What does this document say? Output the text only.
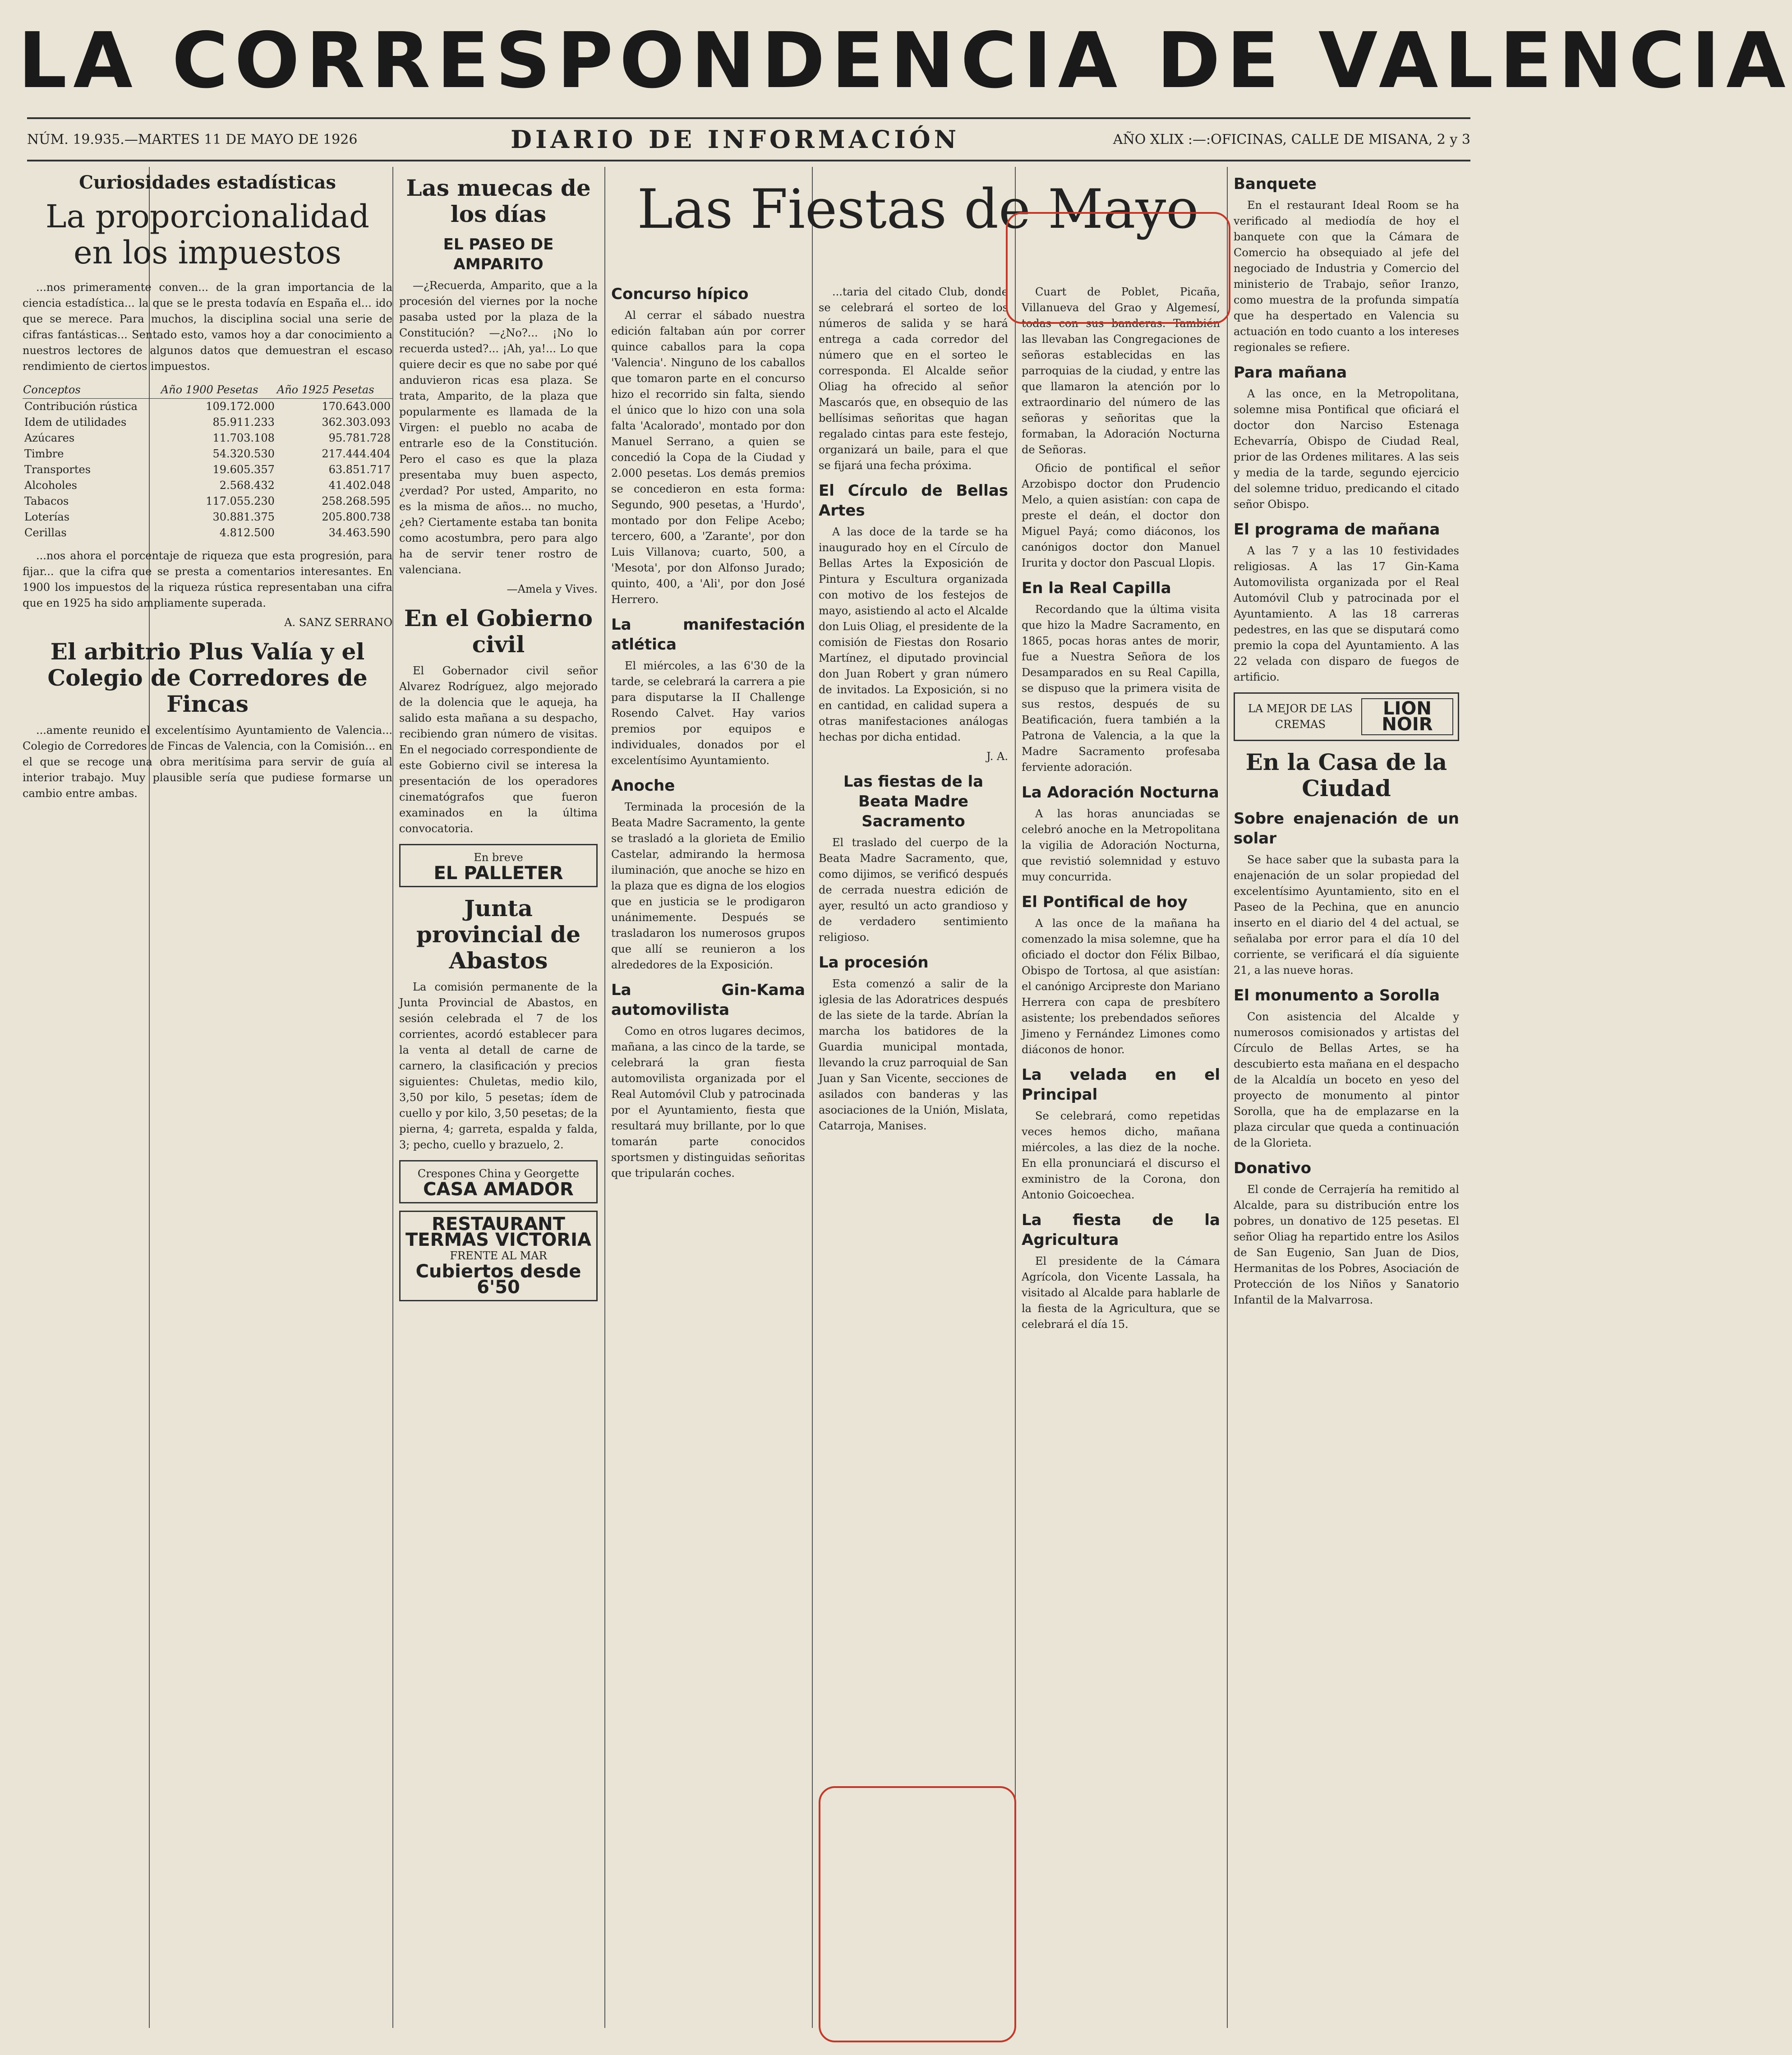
LA CORRESPONDENCIA DE VALENCIA
NÚM. 19.935.—MARTES 11 DE MAYO DE 1926	DIARIO DE INFORMACIÓN	AÑO XLIX :—:OFICINAS, CALLE DE MISANA, 2 y 3
Curiosidades estadísticas
La proporcionalidad en los impuestos

...nos primeramente conven... de la gran importancia de la ciencia estadística... la que se le presta todavía en España el... ido que se merece. Para muchos, la disciplina social una serie de cifras fantásticas... Sentado esto, vamos hoy a dar conocimiento a nuestros lectores de algunos datos que demuestran el escaso rendimiento de ciertos impuestos.

Conceptos	Año 1900 Pesetas	Año 1925 Pesetas
Contribución rústica	109.172.000	170.643.000
Idem de utilidades	85.911.233	362.303.093
Azúcares	11.703.108	95.781.728
Timbre	54.320.530	217.444.404
Transportes	19.605.357	63.851.717
Alcoholes	2.568.432	41.402.048
Tabacos	117.055.230	258.268.595
Loterías	30.881.375	205.800.738
Cerillas	4.812.500	34.463.590

...nos ahora el porcentaje de riqueza que esta progresión, para fijar... que la cifra que se presta a comentarios interesantes. En 1900 los impuestos de la riqueza rústica representaban una cifra que en 1925 ha sido ampliamente superada.

A. SANZ SERRANO
El arbitrio Plus Valía y el Colegio de Corredores de Fincas

...amente reunido el excelentísimo Ayuntamiento de Valencia... Colegio de Corredores de Fincas de Valencia, con la Comisión... en el que se recoge una obra meritísima para servir de guía al interior trabajo. Muy plausible sería que pudiese formarse un cambio entre ambas.

Las muecas de los días
EL PASEO DE AMPARITO

—¿Recuerda, Amparito, que a la procesión del viernes por la noche pasaba usted por la plaza de la Constitución? —¿No?... ¡No lo recuerda usted?... ¡Ah, ya!... Lo que quiere decir es que no sabe por qué anduvieron ricas esa plaza. Se trata, Amparito, de la plaza que popularmente es llamada de la Virgen: el pueblo no acaba de entrarle eso de la Constitución. Pero el caso es que la plaza presentaba muy buen aspecto, ¿verdad? Por usted, Amparito, no es la misma de años... no mucho, ¿eh? Ciertamente estaba tan bonita como acostumbra, pero para algo ha de servir tener rostro de valenciana.

—Amela y Vives.
En el Gobierno civil

El Gobernador civil señor Alvarez Rodríguez, algo mejorado de la dolencia que le aqueja, ha salido esta mañana a su despacho, recibiendo gran número de visitas. En el negociado correspondiente de este Gobierno civil se interesa la presentación de los operadores cinematógrafos que fueron examinados en la última convocatoria.

En breve
EL PALLETER
Junta provincial de Abastos

La comisión permanente de la Junta Provincial de Abastos, en sesión celebrada el 7 de los corrientes, acordó establecer para la venta al detall de carne de carnero, la clasificación y precios siguientes: Chuletas, medio kilo, 3,50 por kilo, 5 pesetas; ídem de cuello y por kilo, 3,50 pesetas; de la pierna, 4; garreta, espalda y falda, 3; pecho, cuello y brazuelo, 2.

Crespones China y Georgette
CASA AMADOR
RESTAURANT TERMAS VICTORIA
FRENTE AL MAR
Cubiertos desde 6'50
Concurso hípico

Al cerrar el sábado nuestra edición faltaban aún por correr quince caballos para la copa 'Valencia'. Ninguno de los caballos que tomaron parte en el concurso hizo el recorrido sin falta, siendo el único que lo hizo con una sola falta 'Acalorado', montado por don Manuel Serrano, a quien se concedió la Copa de la Ciudad y 2.000 pesetas. Los demás premios se concedieron en esta forma: Segundo, 900 pesetas, a 'Hurdo', montado por don Felipe Acebo; tercero, 600, a 'Zarante', por don Luis Villanova; cuarto, 500, a 'Mesota', por don Alfonso Jurado; quinto, 400, a 'Ali', por don José Herrero.

La manifestación atlética

El miércoles, a las 6'30 de la tarde, se celebrará la carrera a pie para disputarse la II Challenge Rosendo Calvet. Hay varios premios por equipos e individuales, donados por el excelentísimo Ayuntamiento.

Anoche

Terminada la procesión de la Beata Madre Sacramento, la gente se trasladó a la glorieta de Emilio Castelar, admirando la hermosa iluminación, que anoche se hizo en la plaza que es digna de los elogios que en justicia se le prodigaron unánimemente. Después se trasladaron los numerosos grupos que allí se reunieron a los alrededores de la Exposición.

La Gin-Kama automovilista

Como en otros lugares decimos, mañana, a las cinco de la tarde, se celebrará la gran fiesta automovilista organizada por el Real Automóvil Club y patrocinada por el Ayuntamiento, fiesta que resultará muy brillante, por lo que tomarán parte conocidos sportsmen y distinguidas señoritas que tripularán coches.

Las Fiestas de Mayo

...taria del citado Club, donde se celebrará el sorteo de los números de salida y se hará entrega a cada corredor del número que en el sorteo le corresponda. El Alcalde señor Oliag ha ofrecido al señor Mascarós que, en obsequio de las bellísimas señoritas que hagan regalado cintas para este festejo, organizará un baile, para el que se fijará una fecha próxima.

El Círculo de Bellas Artes

A las doce de la tarde se ha inaugurado hoy en el Círculo de Bellas Artes la Exposición de Pintura y Escultura organizada con motivo de los festejos de mayo, asistiendo al acto el Alcalde don Luis Oliag, el presidente de la comisión de Fiestas don Rosario Martínez, el diputado provincial don Juan Robert y gran número de invitados. La Exposición, si no en cantidad, en calidad supera a otras manifestaciones análogas hechas por dicha entidad.

J. A.
Las fiestas de la Beata Madre Sacramento

El traslado del cuerpo de la Beata Madre Sacramento, que, como dijimos, se verificó después de cerrada nuestra edición de ayer, resultó un acto grandioso y de verdadero sentimiento religioso.

La procesión

Esta comenzó a salir de la iglesia de las Adoratrices después de las siete de la tarde. Abrían la marcha los batidores de la Guardia municipal montada, llevando la cruz parroquial de San Juan y San Vicente, secciones de asilados con banderas y las asociaciones de la Unión, Mislata, Catarroja, Manises.

Cuart de Poblet, Picaña, Villanueva del Grao y Algemesí, todas con sus banderas. También las llevaban las Congregaciones de señoras establecidas en las parroquias de la ciudad, y entre las que llamaron la atención por lo extraordinario del número de las señoras y señoritas que la formaban, la Adoración Nocturna de Señoras.

Oficio de pontifical el señor Arzobispo doctor don Prudencio Melo, a quien asistían: con capa de preste el deán, el doctor don Miguel Payá; como diáconos, los canónigos doctor don Manuel Irurita y doctor don Pascual Llopis.

En la Real Capilla

Recordando que la última visita que hizo la Madre Sacramento, en 1865, pocas horas antes de morir, fue a Nuestra Señora de los Desamparados en su Real Capilla, se dispuso que la primera visita de sus restos, después de su Beatificación, fuera también a la Patrona de Valencia, a la que la Madre Sacramento profesaba ferviente adoración.

La Adoración Nocturna

A las horas anunciadas se celebró anoche en la Metropolitana la vigilia de Adoración Nocturna, que revistió solemnidad y estuvo muy concurrida.

El Pontifical de hoy

A las once de la mañana ha comenzado la misa solemne, que ha oficiado el doctor don Félix Bilbao, Obispo de Tortosa, al que asistían: el canónigo Arcipreste don Mariano Herrera con capa de presbítero asistente; los prebendados señores Jimeno y Fernández Limones como diáconos de honor.

La velada en el Principal

Se celebrará, como repetidas veces hemos dicho, mañana miércoles, a las diez de la noche. En ella pronunciará el discurso el exministro de la Corona, don Antonio Goicoechea.

La fiesta de la Agricultura

El presidente de la Cámara Agrícola, don Vicente Lassala, ha visitado al Alcalde para hablarle de la fiesta de la Agricultura, que se celebrará el día 15.

Banquete

En el restaurant Ideal Room se ha verificado al mediodía de hoy el banquete con que la Cámara de Comercio ha obsequiado al jefe del negociado de Industria y Comercio del ministerio de Trabajo, señor Iranzo, como muestra de la profunda simpatía que ha despertado en Valencia su actuación en todo cuanto a los intereses regionales se refiere.

Para mañana

A las once, en la Metropolitana, solemne misa Pontifical que oficiará el doctor don Narciso Estenaga Echevarría, Obispo de Ciudad Real, prior de las Ordenes militares. A las seis y media de la tarde, segundo ejercicio del solemne triduo, predicando el citado señor Obispo.

El programa de mañana

A las 7 y a las 10 festividades religiosas. A las 17 Gin-Kama Automovilista organizada por el Real Automóvil Club y patrocinada por el Ayuntamiento. A las 18 carreras pedestres, en las que se disputará como premio la copa del Ayuntamiento. A las 22 velada con disparo de fuegos de artificio.

LA MEJOR DE LAS CREMAS
LION NOIR
En la Casa de la Ciudad
Sobre enajenación de un solar

Se hace saber que la subasta para la enajenación de un solar propiedad del excelentísimo Ayuntamiento, sito en el Paseo de la Pechina, que en anuncio inserto en el diario del 4 del actual, se señalaba por error para el día 10 del corriente, se verificará el día siguiente 21, a las nueve horas.

El monumento a Sorolla

Con asistencia del Alcalde y numerosos comisionados y artistas del Círculo de Bellas Artes, se ha descubierto esta mañana en el despacho de la Alcaldía un boceto en yeso del proyecto de monumento al pintor Sorolla, que ha de emplazarse en la plaza circular que queda a continuación de la Glorieta.

Donativo

El conde de Cerrajería ha remitido al Alcalde, para su distribución entre los pobres, un donativo de 125 pesetas. El señor Oliag ha repartido entre los Asilos de San Eugenio, San Juan de Dios, Hermanitas de los Pobres, Asociación de Protección de los Niños y Sanatorio Infantil de la Malvarrosa.
